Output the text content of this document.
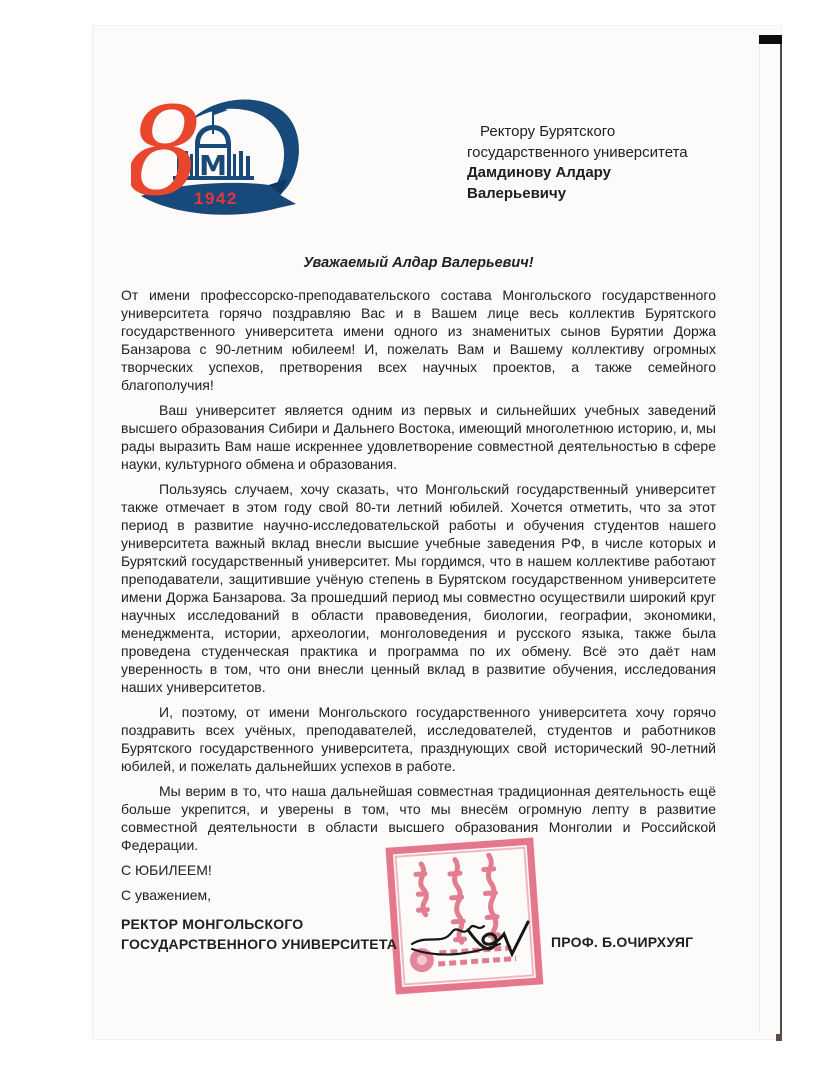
M
8
1942
Ректору Бурятского
государственного университета
Дамдинову Алдару
Валерьевичу
Уважаемый Алдар Валерьевич!

От имени профессорско-преподавательского состава Монгольского государственного университета горячо поздравляю Вас и в Вашем лице весь коллектив Бурятского государственного университета имени одного из знаменитых сынов Бурятии Доржа Банзарова с 90-летним юбилеем! И, пожелать Вам и Вашему коллективу огромных творческих успехов, претворения всех научных проектов, а также семейного благополучия!

Ваш университет является одним из первых и сильнейших учебных заведений высшего образования Сибири и Дальнего Востока, имеющий многолетнюю историю, и, мы рады выразить Вам наше искреннее удовлетворение совместной деятельностью в сфере науки, культурного обмена и образования.

Пользуясь случаем, хочу сказать, что Монгольский государственный университет также отмечает в этом году свой 80-ти летний юбилей. Хочется отметить, что за этот период в развитие научно-исследовательской работы и обучения студентов нашего университета важный вклад внесли высшие учебные заведения РФ, в числе которых и Бурятский государственный университет. Мы гордимся, что в нашем коллективе работают преподаватели, защитившие учёную степень в Бурятском государственном университете имени Доржа Банзарова. За прошедший период мы совместно осуществили широкий круг научных исследований в области правоведения, биологии, географии, экономики, менеджмента, истории, археологии, монголоведения и русского языка, также была проведена студенческая практика и программа по их обмену. Всё это даёт нам уверенность в том, что они внесли ценный вклад в развитие обучения, исследования наших университетов.

И, поэтому, от имени Монгольского государственного университета хочу горячо поздравить всех учёных, преподавателей, исследователей, студентов и работников Бурятского государственного университета, празднующих свой исторический 90-летний юбилей, и пожелать дальнейших успехов в работе.

Мы верим в то, что наша дальнейшая совместная традиционная деятельность ещё больше укрепится, и уверены в том, что мы внесём огромную лепту в развитие совместной деятельности в области высшего образования Монголии и Российской Федерации.

С ЮБИЛЕЕМ!

С уважением,

РЕКТОР МОНГОЛЬСКОГО
ГОСУДАРСТВЕННОГО УНИВЕРСИТЕТА	ПРОФ. Б.ОЧИРХУЯГ
